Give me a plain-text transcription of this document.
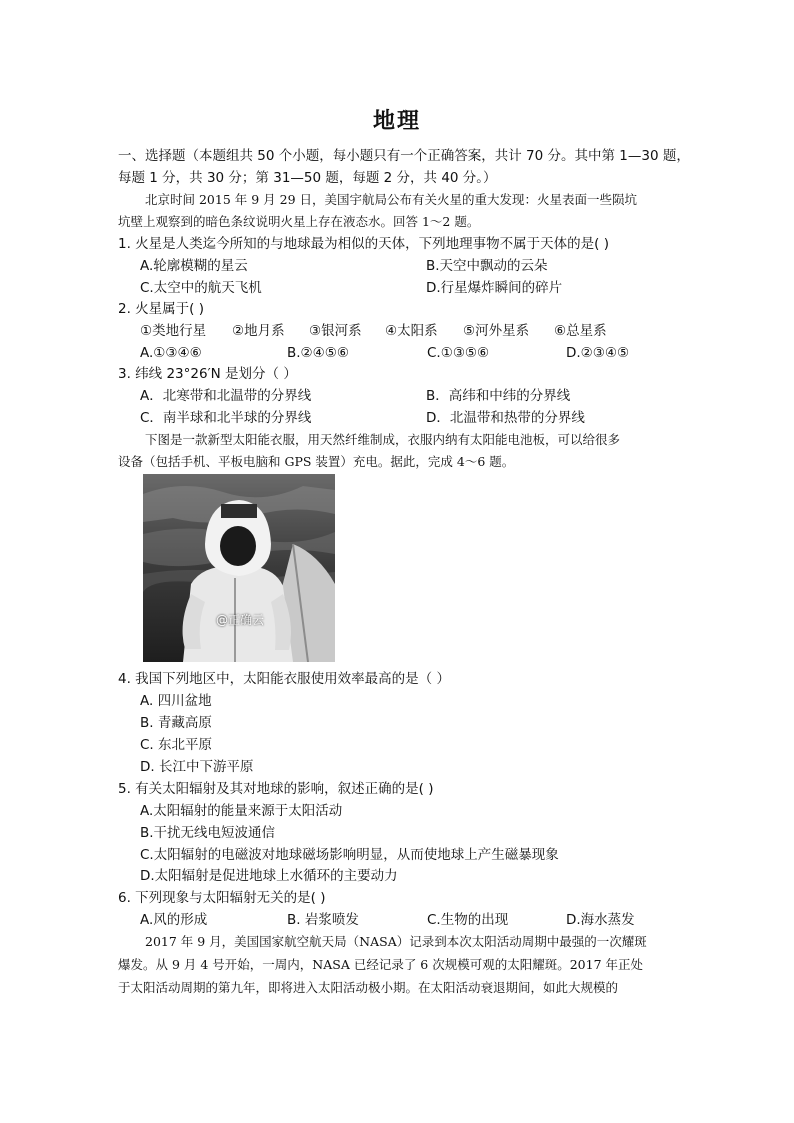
地理
一、选择题（本题组共 50 个小题，每小题只有一个正确答案，共计 70 分。其中第 1—30 题，
每题 1 分，共 30 分；第 31—50 题，每题 2 分，共 40 分。）
北京时间 2015 年 9 月 29 日，美国宇航局公布有关火星的重大发现：火星表面一些陨坑
坑壁上观察到的暗色条纹说明火星上存在液态水。回答 1～2 题。
1. 火星是人类迄今所知的与地球最为相似的天体，下列地理事物不属于天体的是( )
A.轮廓模糊的星云	B.天空中飘动的云朵
C.太空中的航天飞机	D.行星爆炸瞬间的碎片
2. 火星属于( )
①类地行星 ②地月系 ③银河系 ④太阳系 ⑤河外星系 ⑥总星系
A.①③④⑥	B.②④⑤⑥	C.①③⑤⑥	D.②③④⑤
3. 纬线 23°26′N 是划分（ ）
A．北寒带和北温带的分界线	B．高纬和中纬的分界线
C．南半球和北半球的分界线	D．北温带和热带的分界线
下图是一款新型太阳能衣服，用天然纤维制成，衣服内纳有太阳能电池板，可以给很多
设备（包括手机、平板电脑和 GPS 装置）充电。据此，完成 4～6 题。
@正确云
4. 我国下列地区中，太阳能衣服使用效率最高的是（ ）
A. 四川盆地
B. 青藏高原
C. 东北平原
D. 长江中下游平原
5. 有关太阳辐射及其对地球的影响，叙述正确的是( )
A.太阳辐射的能量来源于太阳活动
B.干扰无线电短波通信
C.太阳辐射的电磁波对地球磁场影响明显，从而使地球上产生磁暴现象
D.太阳辐射是促进地球上水循环的主要动力
6. 下列现象与太阳辐射无关的是( )
A.风的形成	B. 岩浆喷发	C.生物的出现	D.海水蒸发
2017 年 9 月，美国国家航空航天局（NASA）记录到本次太阳活动周期中最强的一次耀斑
爆发。从 9 月 4 号开始，一周内，NASA 已经记录了 6 次规模可观的太阳耀斑。2017 年正处
于太阳活动周期的第九年，即将进入太阳活动极小期。在太阳活动衰退期间，如此大规模的
